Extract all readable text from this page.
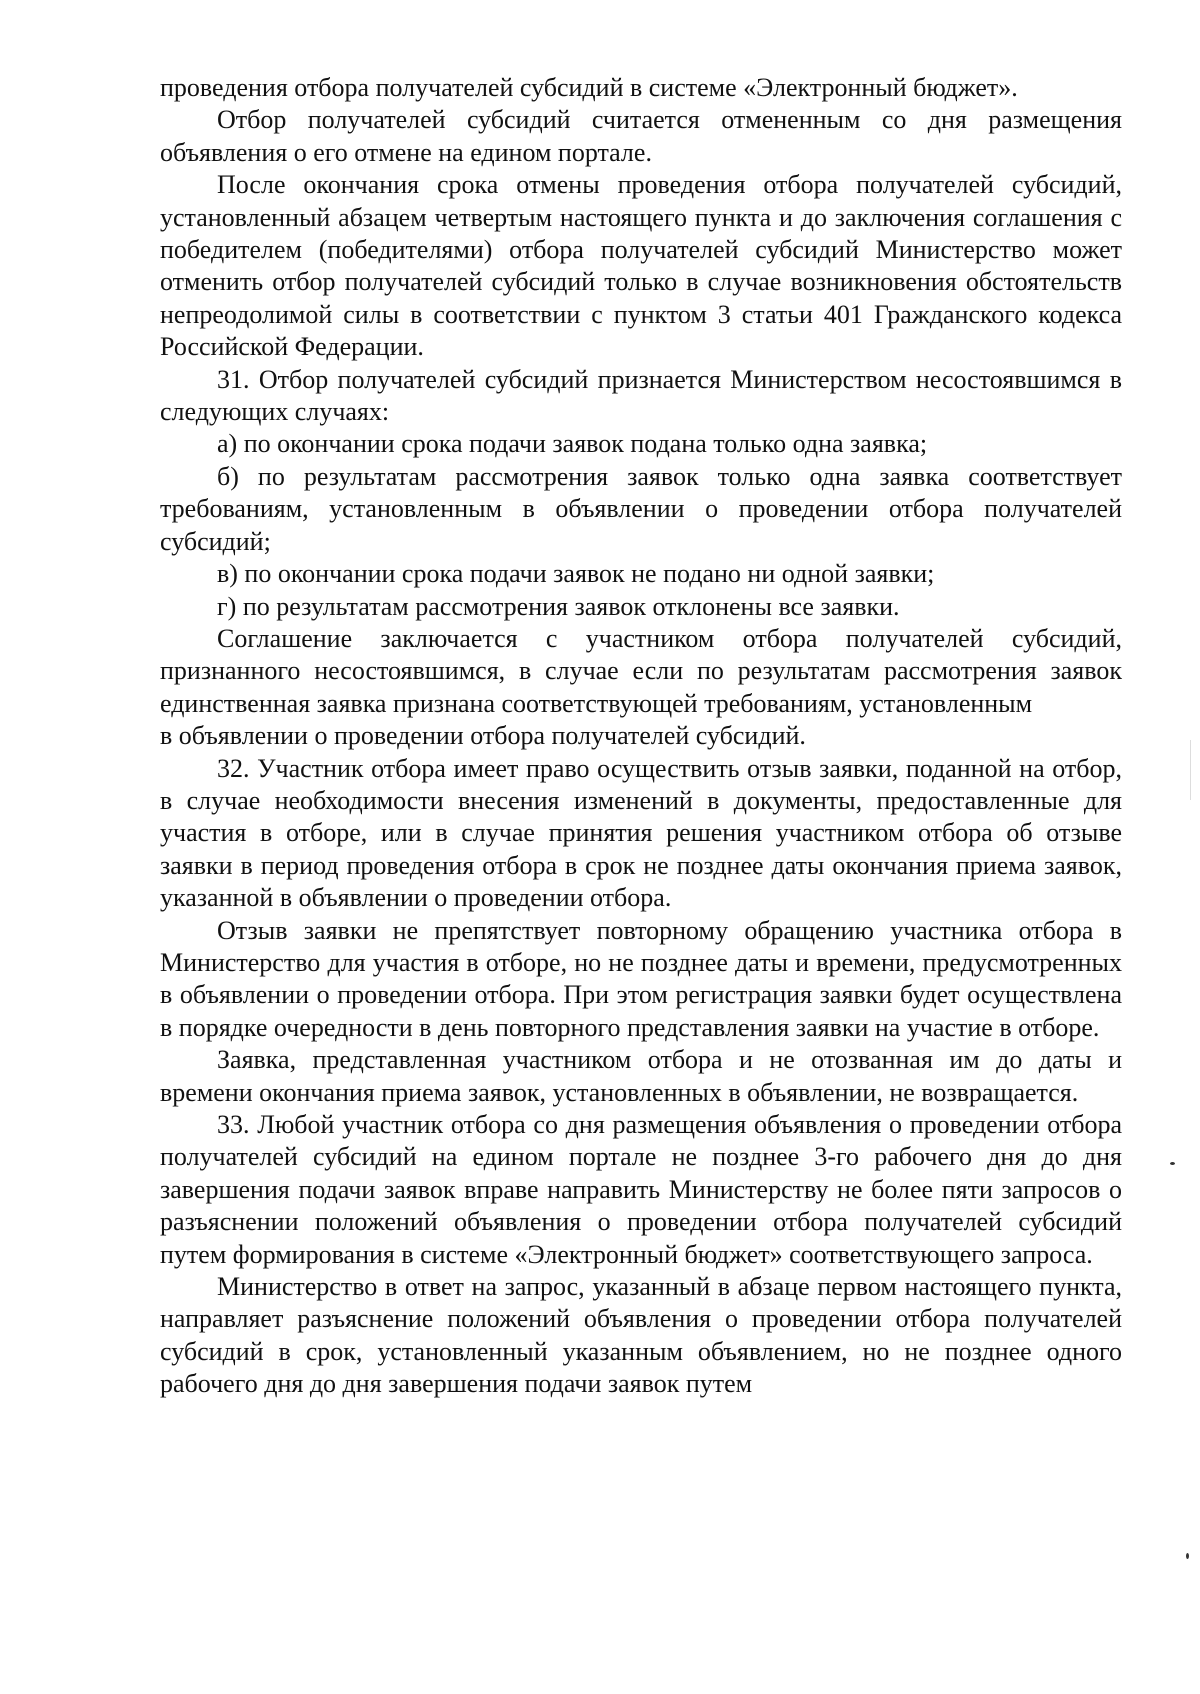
проведения отбора получателей субсидий в системе «Электронный бюджет».

Отбор получателей субсидий считается отмененным со дня размещения объявления о его отмене на едином портале.

После окончания срока отмены проведения отбора получателей субсидий, установленный абзацем четвертым настоящего пункта и до заключения соглашения с победителем (победителями) отбора получателей субсидий Министерство может отменить отбор получателей субсидий только в случае возникновения обстоятельств непреодолимой силы в соответствии с пунктом 3 статьи 401 Гражданского кодекса Российской Федерации.

31. Отбор получателей субсидий признается Министерством несостоявшимся в следующих случаях:

а) по окончании срока подачи заявок подана только одна заявка;

б) по результатам рассмотрения заявок только одна заявка соответствует требованиям, установленным в объявлении о проведении отбора получателей субсидий;

в) по окончании срока подачи заявок не подано ни одной заявки;

г) по результатам рассмотрения заявок отклонены все заявки.

Соглашение заключается с участником отбора получателей субсидий, признанного несостоявшимся, в случае если по результатам рассмотрения заявок единственная заявка признана соответствующей требованиям, установленным

в объявлении о проведении отбора получателей субсидий.

32. Участник отбора имеет право осуществить отзыв заявки, поданной на отбор, в случае необходимости внесения изменений в документы, предоставленные для участия в отборе, или в случае принятия решения участником отбора об отзыве заявки в период проведения отбора в срок не позднее даты окончания приема заявок, указанной в объявлении о проведении отбора.

Отзыв заявки не препятствует повторному обращению участника отбора в Министерство для участия в отборе, но не позднее даты и времени, предусмотренных в объявлении о проведении отбора. При этом регистрация заявки будет осуществлена в порядке очередности в день повторного представления заявки на участие в отборе.

Заявка, представленная участником отбора и не отозванная им до даты и времени окончания приема заявок, установленных в объявлении, не возвращается.

33. Любой участник отбора со дня размещения объявления о проведении отбора получателей субсидий на едином портале не позднее 3-го рабочего дня до дня завершения подачи заявок вправе направить Министерству не более пяти запросов о разъяснении положений объявления о проведении отбора получателей субсидий путем формирования в системе «Электронный бюджет» соответствующего запроса.

Министерство в ответ на запрос, указанный в абзаце первом настоящего пункта, направляет разъяснение положений объявления о проведении отбора получателей субсидий в срок, установленный указанным объявлением, но не позднее одного рабочего дня до дня завершения подачи заявок путем
